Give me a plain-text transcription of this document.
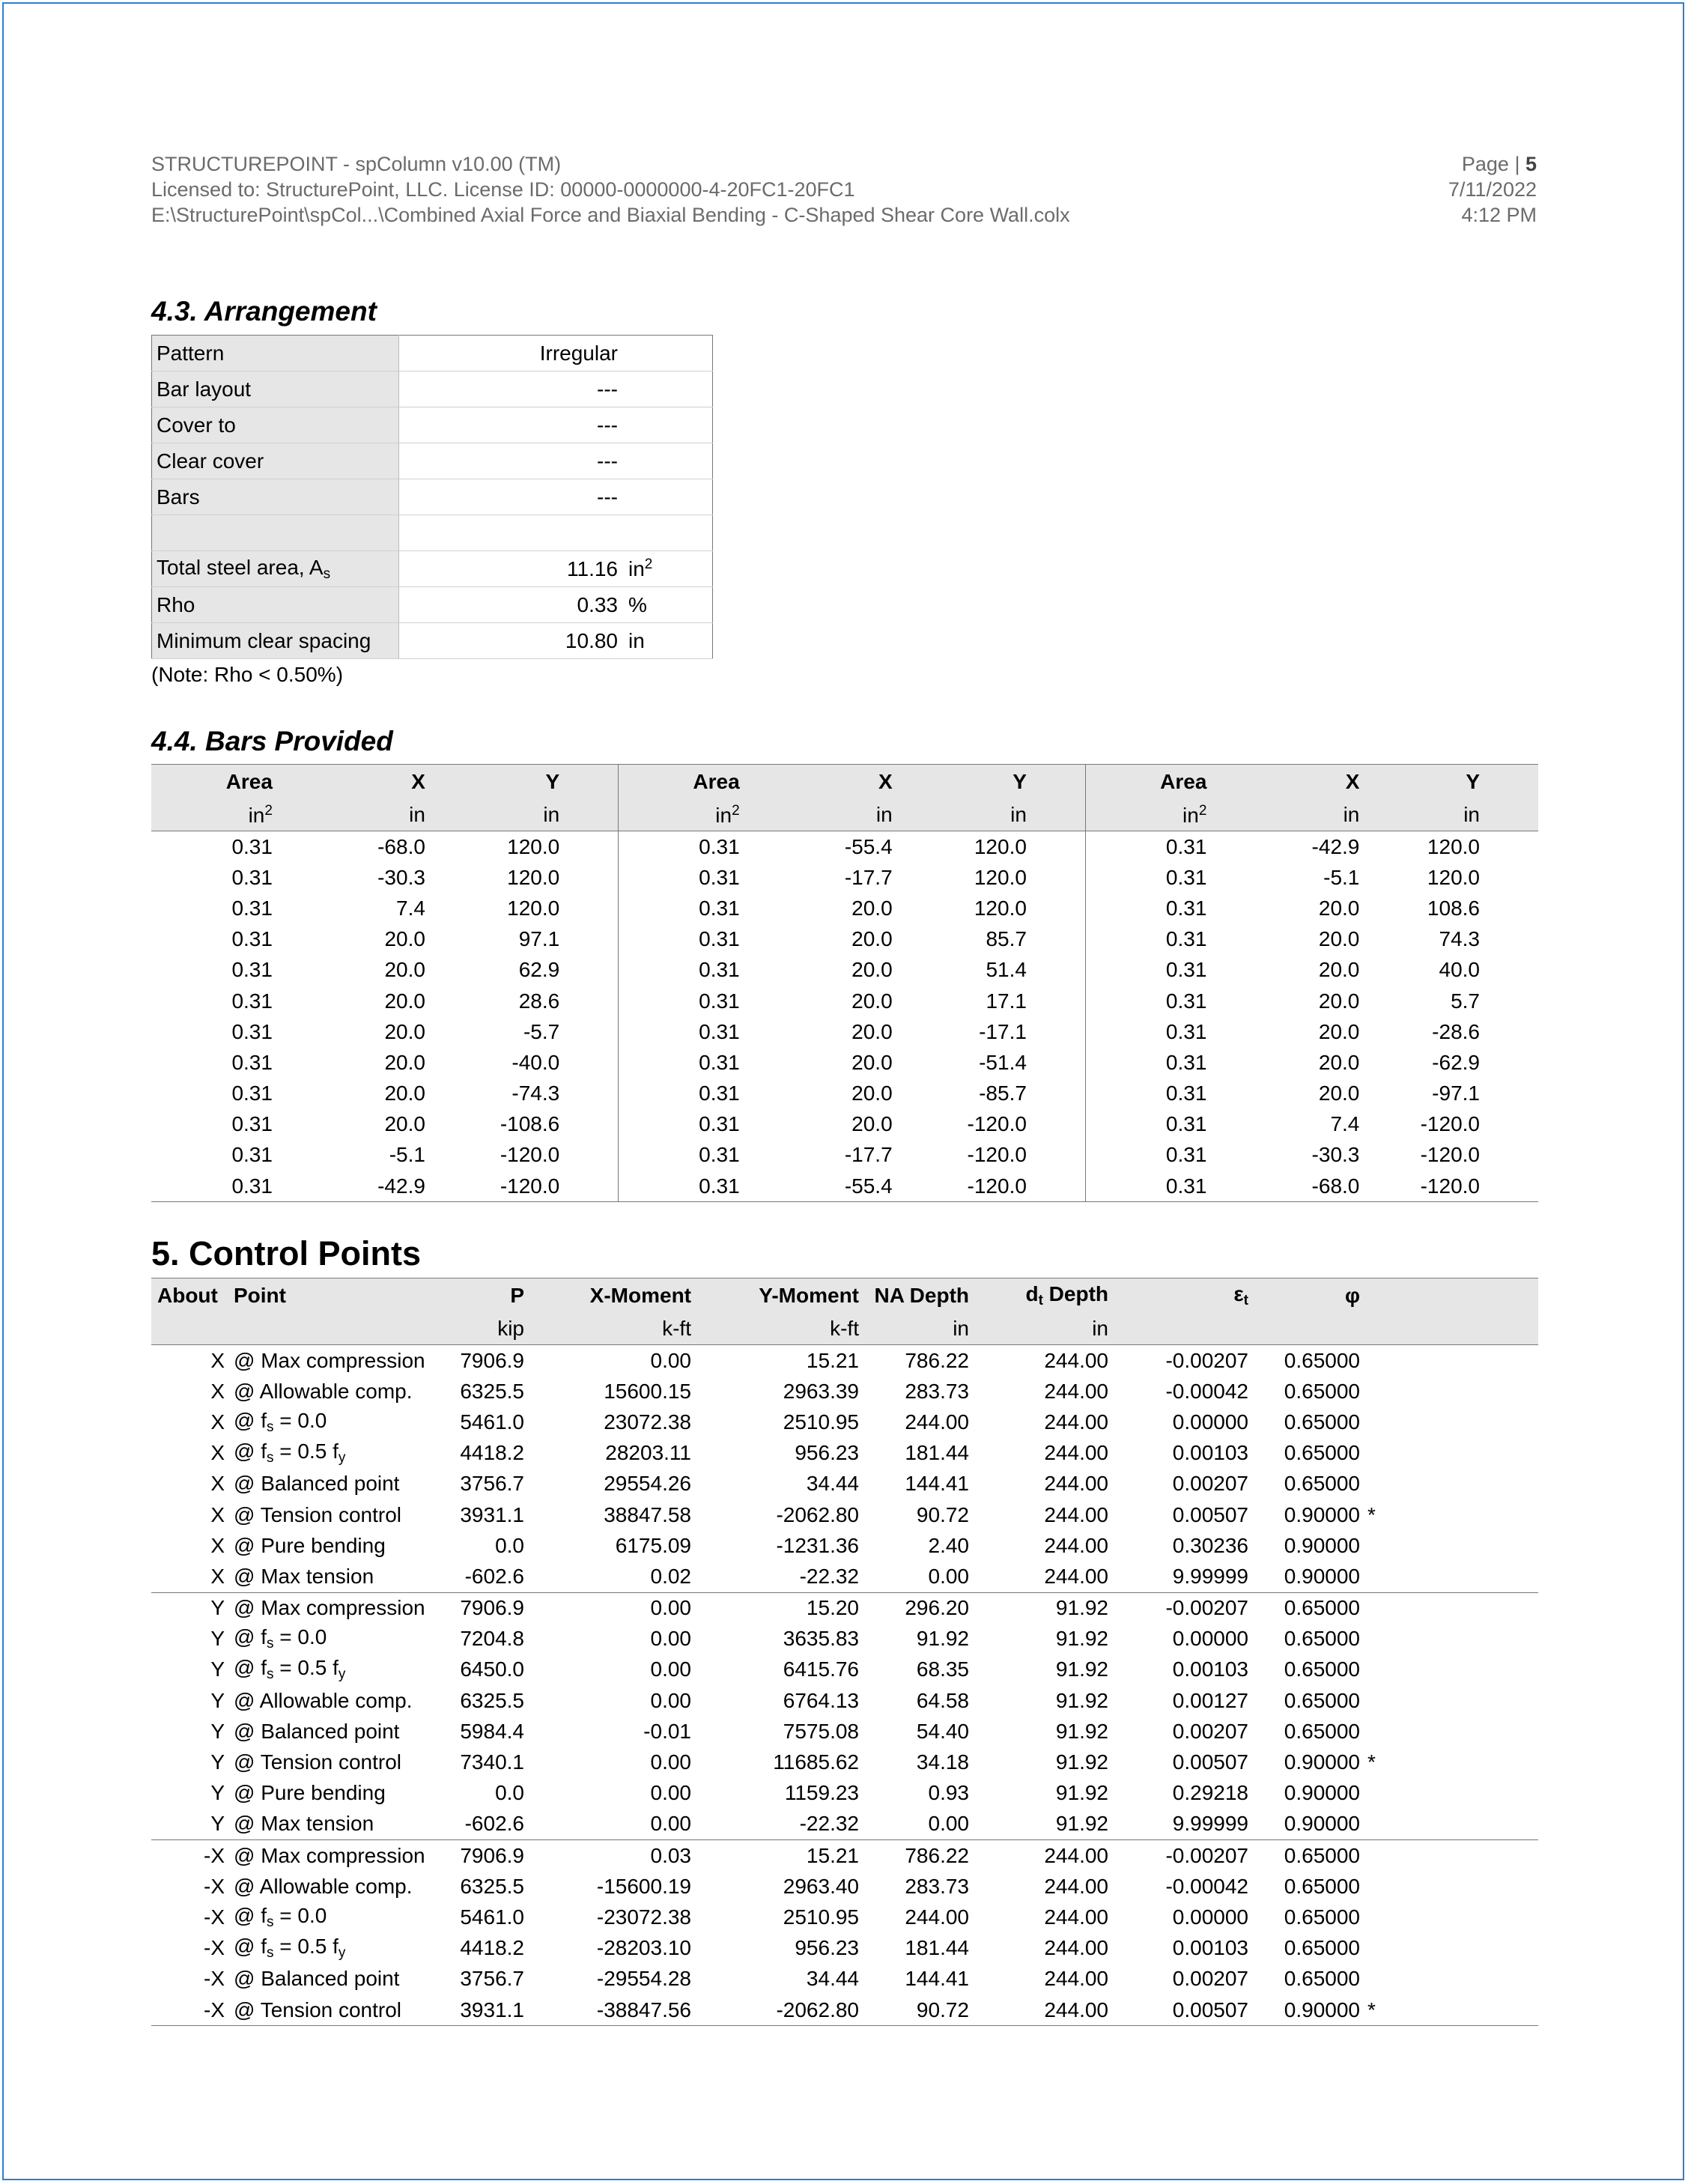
STRUCTUREPOINT - spColumn v10.00 (TM)
Licensed to: StructurePoint, LLC. License ID: 00000-0000000-4-20FC1-20FC1
E:\StructurePoint\spCol...\Combined Axial Force and Biaxial Bending - C-Shaped Shear Core Wall.colx
Page | 5
7/11/2022
4:12 PM
4.3. Arrangement
Pattern	Irregular	
Bar layout	---	
Cover to	---	
Clear cover	---	
Bars	---	

Total steel area, $A_s$	11.16	$in^2$
Rho	0.33	%
Minimum clear spacing	10.80	in
(Note: Rho < 0.50%)
4.4. Bars Provided
Area	X	Y	Area	X	Y	Area	X	Y
$in^2$	in	in	$in^2$	in	in	$in^2$	in	in
0.31	-68.0	120.0	0.31	-55.4	120.0	0.31	-42.9	120.0
0.31	-30.3	120.0	0.31	-17.7	120.0	0.31	-5.1	120.0
0.31	7.4	120.0	0.31	20.0	120.0	0.31	20.0	108.6
0.31	20.0	97.1	0.31	20.0	85.7	0.31	20.0	74.3
0.31	20.0	62.9	0.31	20.0	51.4	0.31	20.0	40.0
0.31	20.0	28.6	0.31	20.0	17.1	0.31	20.0	5.7
0.31	20.0	-5.7	0.31	20.0	-17.1	0.31	20.0	-28.6
0.31	20.0	-40.0	0.31	20.0	-51.4	0.31	20.0	-62.9
0.31	20.0	-74.3	0.31	20.0	-85.7	0.31	20.0	-97.1
0.31	20.0	-108.6	0.31	20.0	-120.0	0.31	7.4	-120.0
0.31	-5.1	-120.0	0.31	-17.7	-120.0	0.31	-30.3	-120.0
0.31	-42.9	-120.0	0.31	-55.4	-120.0	0.31	-68.0	-120.0
5. Control Points
About	Point	P	X-Moment	Y-Moment	NA Depth	$d_t$ Depth	$\varepsilon_t$	φ	
		kip	k-ft	k-ft	in	in			
X	@ Max compression	7906.9	0.00	15.21	786.22	244.00	-0.00207	0.65000	
X	@ Allowable comp.	6325.5	15600.15	2963.39	283.73	244.00	-0.00042	0.65000	
X	@ $f_s = 0.0$	5461.0	23072.38	2510.95	244.00	244.00	0.00000	0.65000	
X	@ $f_s = 0.5$ $f_y$	4418.2	28203.11	956.23	181.44	244.00	0.00103	0.65000	
X	@ Balanced point	3756.7	29554.26	34.44	144.41	244.00	0.00207	0.65000	
X	@ Tension control	3931.1	38847.58	-2062.80	90.72	244.00	0.00507	0.90000	*
X	@ Pure bending	0.0	6175.09	-1231.36	2.40	244.00	0.30236	0.90000	
X	@ Max tension	-602.6	0.02	-22.32	0.00	244.00	9.99999	0.90000	
Y	@ Max compression	7906.9	0.00	15.20	296.20	91.92	-0.00207	0.65000	
Y	@ $f_s = 0.0$	7204.8	0.00	3635.83	91.92	91.92	0.00000	0.65000	
Y	@ $f_s = 0.5$ $f_y$	6450.0	0.00	6415.76	68.35	91.92	0.00103	0.65000	
Y	@ Allowable comp.	6325.5	0.00	6764.13	64.58	91.92	0.00127	0.65000	
Y	@ Balanced point	5984.4	-0.01	7575.08	54.40	91.92	0.00207	0.65000	
Y	@ Tension control	7340.1	0.00	11685.62	34.18	91.92	0.00507	0.90000	*
Y	@ Pure bending	0.0	0.00	1159.23	0.93	91.92	0.29218	0.90000	
Y	@ Max tension	-602.6	0.00	-22.32	0.00	91.92	9.99999	0.90000	
-X	@ Max compression	7906.9	0.03	15.21	786.22	244.00	-0.00207	0.65000	
-X	@ Allowable comp.	6325.5	-15600.19	2963.40	283.73	244.00	-0.00042	0.65000	
-X	@ $f_s = 0.0$	5461.0	-23072.38	2510.95	244.00	244.00	0.00000	0.65000	
-X	@ $f_s = 0.5$ $f_y$	4418.2	-28203.10	956.23	181.44	244.00	0.00103	0.65000	
-X	@ Balanced point	3756.7	-29554.28	34.44	144.41	244.00	0.00207	0.65000	
-X	@ Tension control	3931.1	-38847.56	-2062.80	90.72	244.00	0.00507	0.90000	*
